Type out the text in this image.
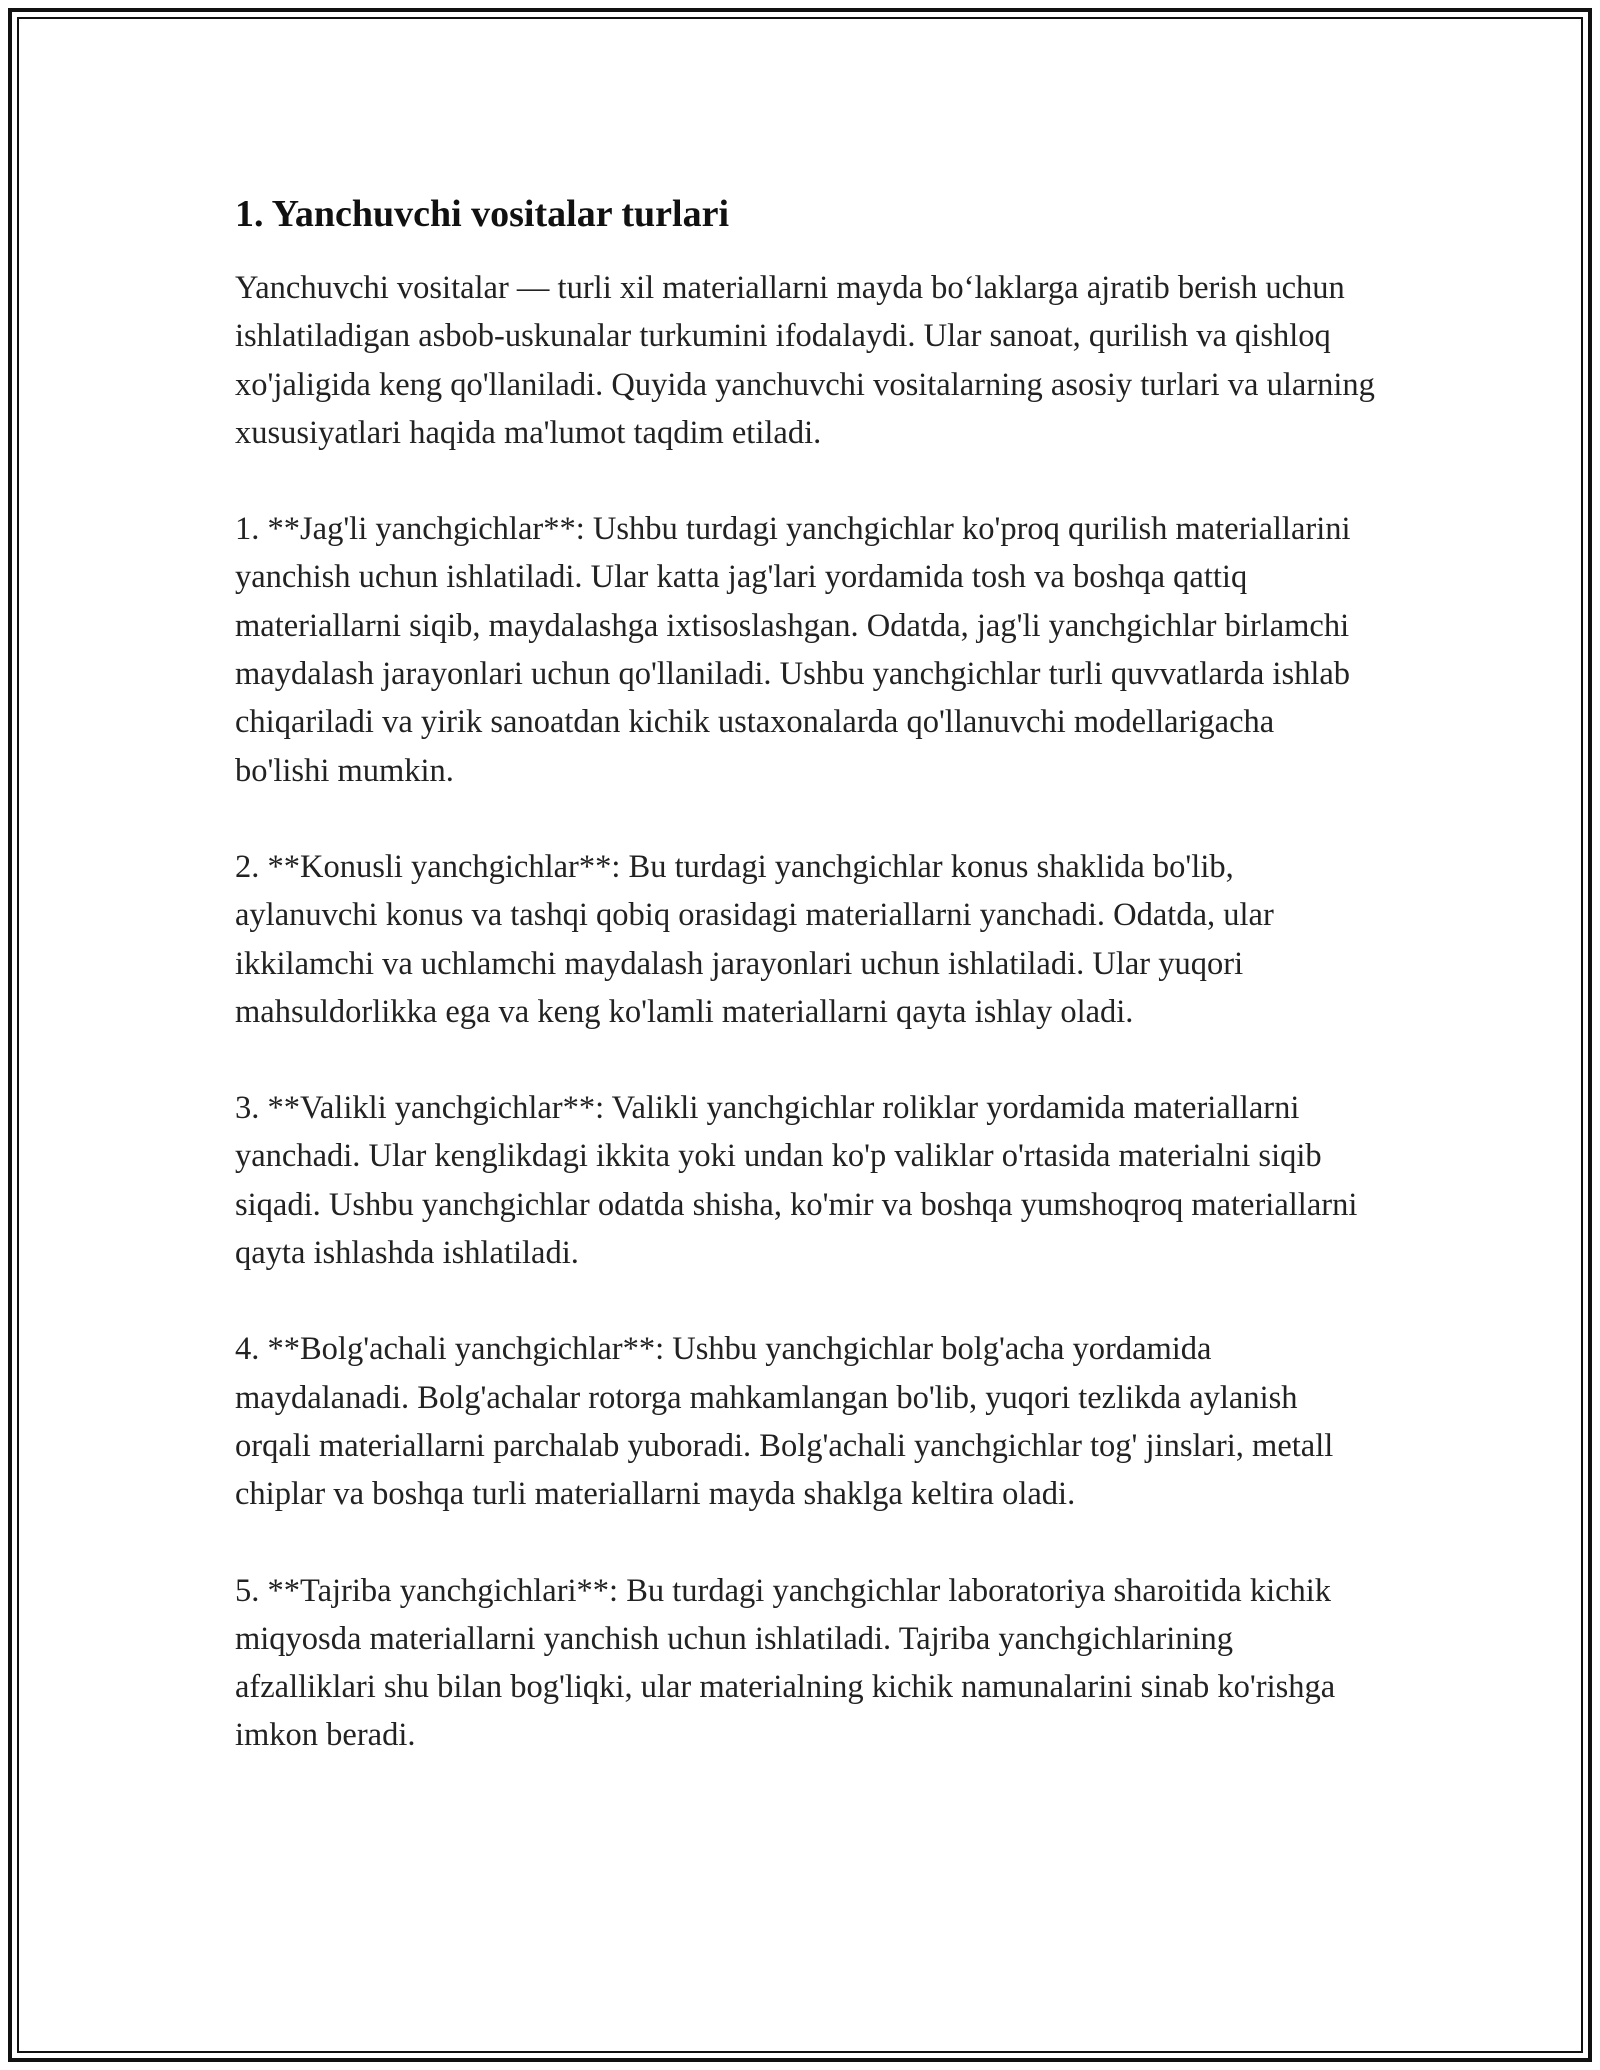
1. Yanchuvchi vositalar turlari

Yanchuvchi vositalar — turli xil materiallarni mayda bo‘laklarga ajratib berish uchun ishlatiladigan asbob-uskunalar turkumini ifodalaydi. Ular sanoat, qurilish va qishloq xo'jaligida keng qo'llaniladi. Quyida yanchuvchi vositalarning asosiy turlari va ularning xususiyatlari haqida ma'lumot taqdim etiladi.

1. **Jag'li yanchgichlar**: Ushbu turdagi yanchgichlar ko'proq qurilish materiallarini yanchish uchun ishlatiladi. Ular katta jag'lari yordamida tosh va boshqa qattiq materiallarni siqib, maydalashga ixtisoslashgan. Odatda, jag'li yanchgichlar birlamchi maydalash jarayonlari uchun qo'llaniladi. Ushbu yanchgichlar turli quvvatlarda ishlab chiqariladi va yirik sanoatdan kichik ustaxonalarda qo'llanuvchi modellarigacha bo'lishi mumkin.

2. **Konusli yanchgichlar**: Bu turdagi yanchgichlar konus shaklida bo'lib, aylanuvchi konus va tashqi qobiq orasidagi materiallarni yanchadi. Odatda, ular ikkilamchi va uchlamchi maydalash jarayonlari uchun ishlatiladi. Ular yuqori mahsuldorlikka ega va keng ko'lamli materiallarni qayta ishlay oladi.

3. **Valikli yanchgichlar**: Valikli yanchgichlar roliklar yordamida materiallarni yanchadi. Ular kenglikdagi ikkita yoki undan ko'p valiklar o'rtasida materialni siqib siqadi. Ushbu yanchgichlar odatda shisha, ko'mir va boshqa yumshoqroq materiallarni qayta ishlashda ishlatiladi.

4. **Bolg'achali yanchgichlar**: Ushbu yanchgichlar bolg'acha yordamida maydalanadi. Bolg'achalar rotorga mahkamlangan bo'lib, yuqori tezlikda aylanish orqali materiallarni parchalab yuboradi. Bolg'achali yanchgichlar tog' jinslari, metall chiplar va boshqa turli materiallarni mayda shaklga keltira oladi.

5. **Tajriba yanchgichlari**: Bu turdagi yanchgichlar laboratoriya sharoitida kichik miqyosda materiallarni yanchish uchun ishlatiladi. Tajriba yanchgichlarining afzalliklari shu bilan bog'liqki, ular materialning kichik namunalarini sinab ko'rishga imkon beradi.
